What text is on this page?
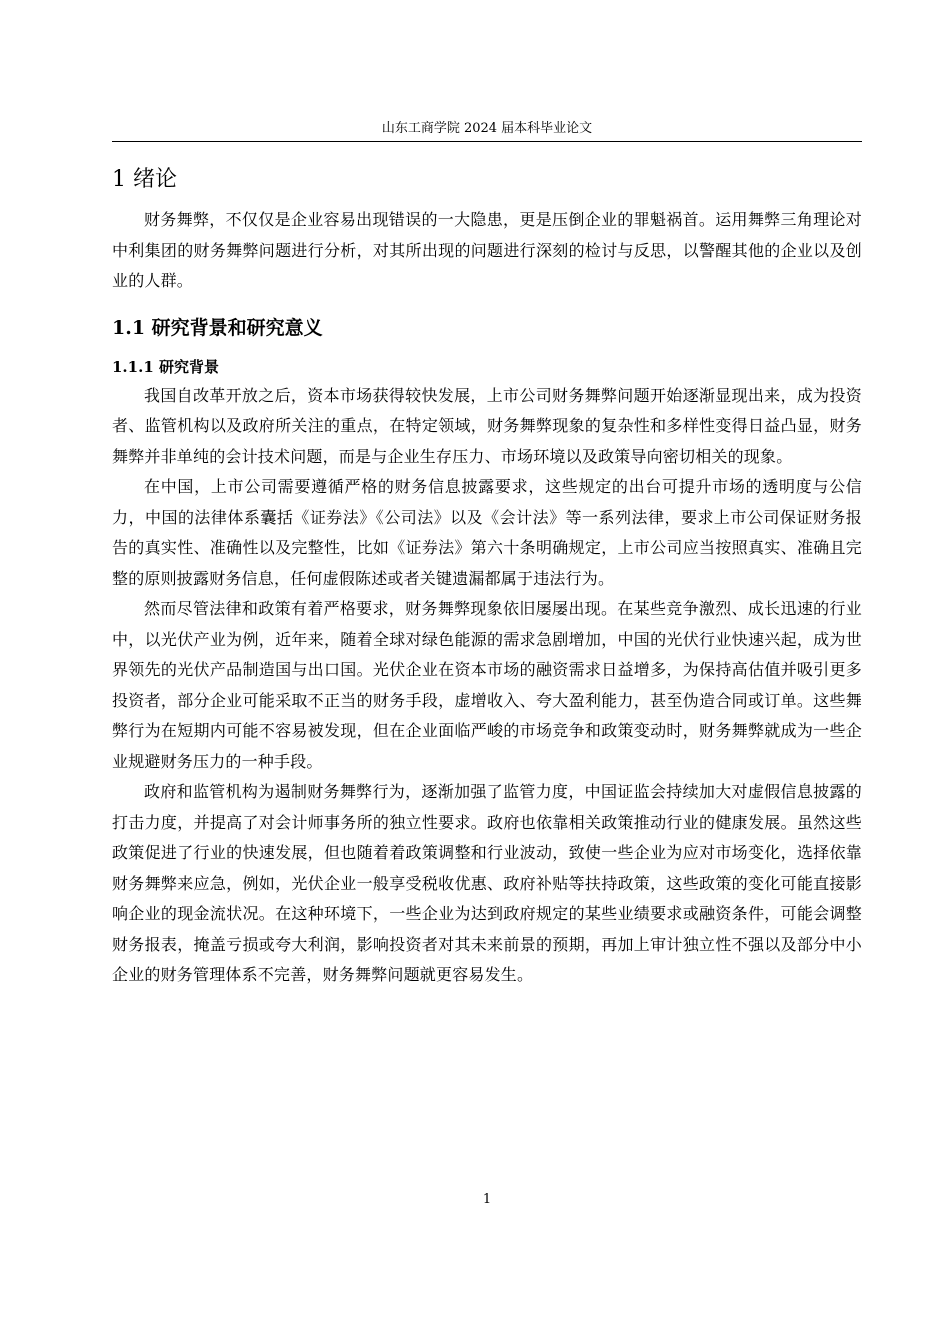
山东工商学院 2024 届本科毕业论文
1 绪论

财务舞弊，不仅仅是企业容易出现错误的一大隐患，更是压倒企业的罪魁祸首。运用舞弊三角理论对中利集团的财务舞弊问题进行分析，对其所出现的问题进行深刻的检讨与反思，以警醒其他的企业以及创业的人群。

1.1 研究背景和研究意义
1.1.1 研究背景

我国自改革开放之后，资本市场获得较快发展，上市公司财务舞弊问题开始逐渐显现出来，成为投资者、监管机构以及政府所关注的重点，在特定领域，财务舞弊现象的复杂性和多样性变得日益凸显，财务舞弊并非单纯的会计技术问题，而是与企业生存压力、市场环境以及政策导向密切相关的现象。

在中国，上市公司需要遵循严格的财务信息披露要求，这些规定的出台可提升市场的透明度与公信力，中国的法律体系囊括《证券法》《公司法》以及《会计法》等一系列法律，要求上市公司保证财务报告的真实性、准确性以及完整性，比如《证券法》第六十条明确规定，上市公司应当按照真实、准确且完整的原则披露财务信息，任何虚假陈述或者关键遗漏都属于违法行为。

然而尽管法律和政策有着严格要求，财务舞弊现象依旧屡屡出现。在某些竞争激烈、成长迅速的行业中，以光伏产业为例，近年来，随着全球对绿色能源的需求急剧增加，中国的光伏行业快速兴起，成为世界领先的光伏产品制造国与出口国。光伏企业在资本市场的融资需求日益增多，为保持高估值并吸引更多投资者，部分企业可能采取不正当的财务手段，虚增收入、夸大盈利能力，甚至伪造合同或订单。这些舞弊行为在短期内可能不容易被发现，但在企业面临严峻的市场竞争和政策变动时，财务舞弊就成为一些企业规避财务压力的一种手段。

政府和监管机构为遏制财务舞弊行为，逐渐加强了监管力度，中国证监会持续加大对虚假信息披露的打击力度，并提高了对会计师事务所的独立性要求。政府也依靠相关政策推动行业的健康发展。虽然这些政策促进了行业的快速发展，但也随着着政策调整和行业波动，致使一些企业为应对市场变化，选择依靠财务舞弊来应急，例如，光伏企业一般享受税收优惠、政府补贴等扶持政策，这些政策的变化可能直接影响企业的现金流状况。在这种环境下，一些企业为达到政府规定的某些业绩要求或融资条件，可能会调整财务报表，掩盖亏损或夸大利润，影响投资者对其未来前景的预期，再加上审计独立性不强以及部分中小企业的财务管理体系不完善，财务舞弊问题就更容易发生。

1
